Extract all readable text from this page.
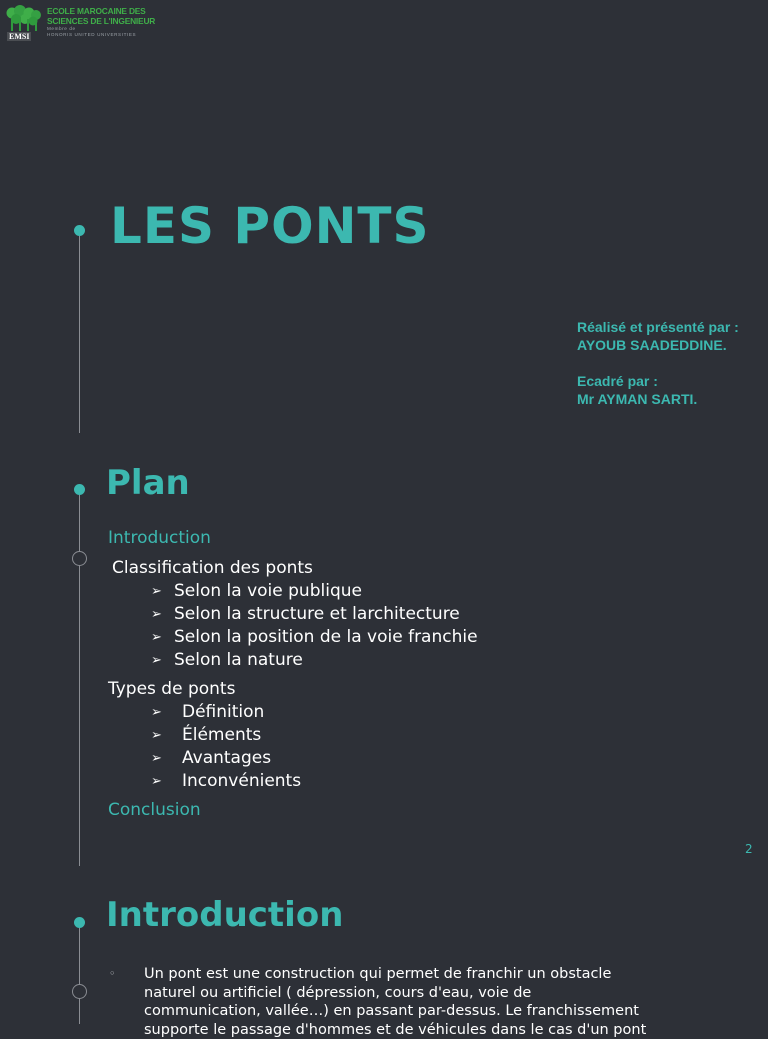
EMSI
ECOLE MAROCAINE DES
SCIENCES DE L'INGENIEUR
Membre de
HONORIS UNITED UNIVERSITIES
LES PONTS
Réalisé et présenté par :
AYOUB SAADEDDINE.
Ecadré par :
Mr AYMAN SARTI.
Plan
Introduction
Classification des ponts
➢ Selon la voie publique
➢ Selon la structure et larchitecture
➢ Selon la position de la voie franchie
➢ Selon la nature
Types de ponts
➢ Définition
➢ Éléments
➢ Avantages
➢ Inconvénients
Conclusion
2
Introduction
◦ Un pont est une construction qui permet de franchir un obstacle
naturel ou artificiel ( dépression, cours d'eau, voie de
communication, vallée…) en passant par-dessus. Le franchissement
supporte le passage d'hommes et de véhicules dans le cas d'un pont
